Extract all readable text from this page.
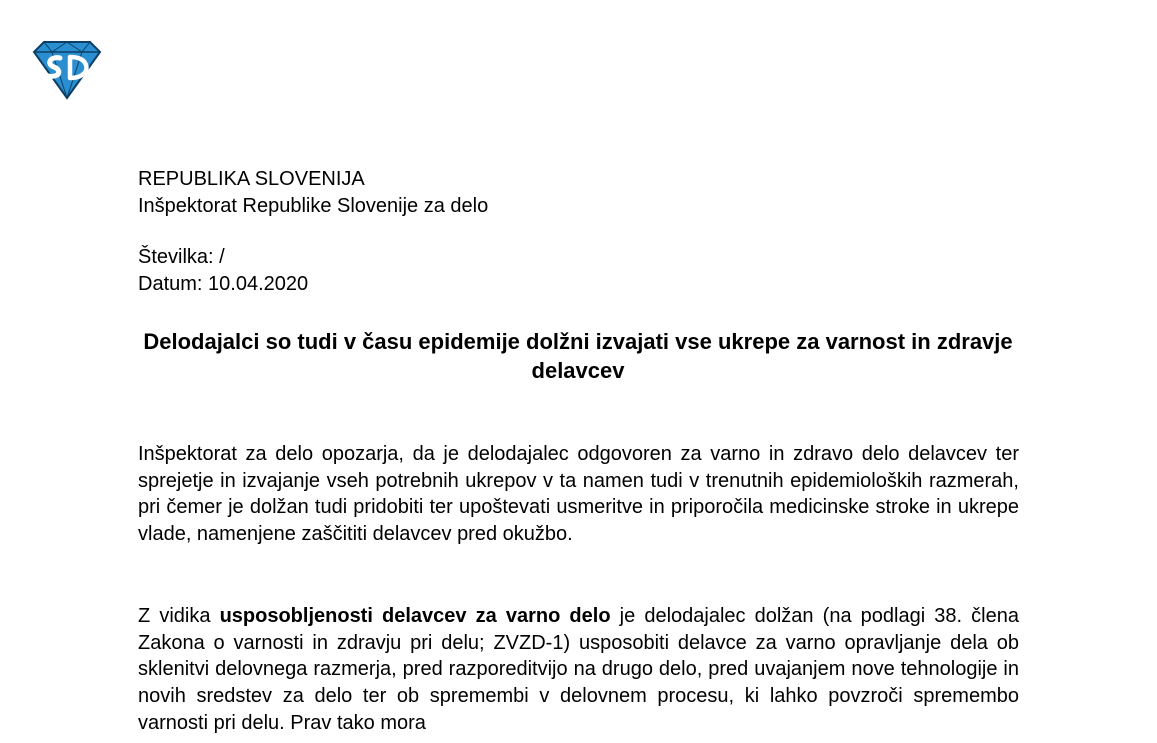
REPUBLIKA SLOVENIJA
Inšpektorat Republike Slovenije za delo
Številka: /
Datum: 10.04.2020
Delodajalci so tudi v času epidemije dolžni izvajati vse ukrepe za varnost in zdravje delavcev

Inšpektorat za delo opozarja, da je delodajalec odgovoren za varno in zdravo delo delavcev ter sprejetje in izvajanje vseh potrebnih ukrepov v ta namen tudi v trenutnih epidemioloških razmerah, pri čemer je dolžan tudi pridobiti ter upoštevati usmeritve in priporočila medicinske stroke in ukrepe vlade, namenjene zaščititi delavcev pred okužbo.

Z vidika usposobljenosti delavcev za varno delo je delodajalec dolžan (na podlagi 38. člena Zakona o varnosti in zdravju pri delu; ZVZD-1) usposobiti delavce za varno opravljanje dela ob sklenitvi delovnega razmerja, pred razporeditvijo na drugo delo, pred uvajanjem nove tehnologije in novih sredstev za delo ter ob spremembi v delovnem procesu, ki lahko povzroči spremembo varnosti pri delu. Prav tako mora
